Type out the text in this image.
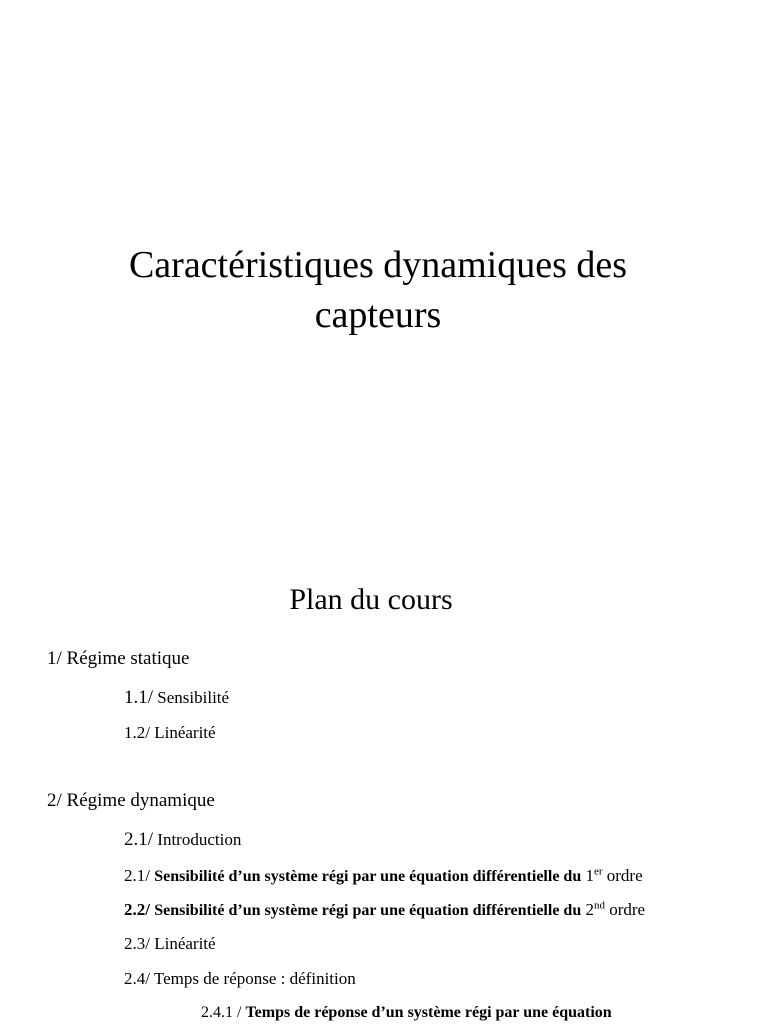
Caractéristiques dynamiques des
capteurs
Plan du cours
1/ Régime statique
1.1/ Sensibilité
1.2/ Linéarité
2/ Régime dynamique
2.1/ Introduction
2.1/ Sensibilité d’un système régi par une équation différentielle du 1er ordre
2.2/ Sensibilité d’un système régi par une équation différentielle du 2nd ordre
2.3/ Linéarité
2.4/ Temps de réponse : définition
2.4.1 / Temps de réponse d’un système régi par une équation
